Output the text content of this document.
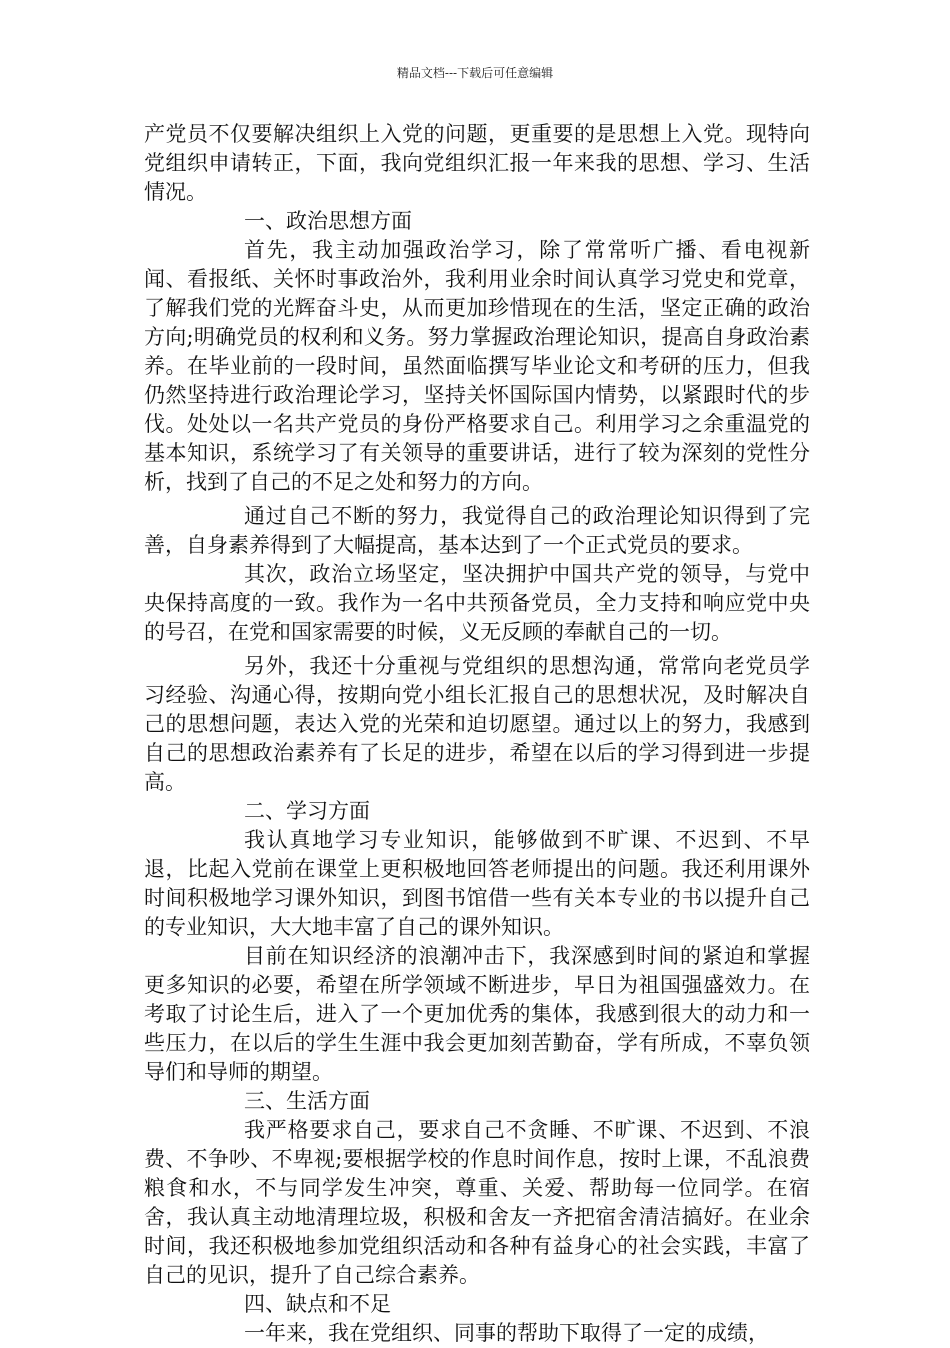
精品文档---下载后可任意编辑

产党员不仅要解决组织上入党的问题，更重要的是思想上入党。现特向党组织申请转正，下面，我向党组织汇报一年来我的思想、学习、生活情况。

一、政治思想方面

首先，我主动加强政治学习，除了常常听广播、看电视新闻、看报纸、关怀时事政治外，我利用业余时间认真学习党史和党章，了解我们党的光辉奋斗史，从而更加珍惜现在的生活，坚定正确的政治方向;明确党员的权利和义务。努力掌握政治理论知识，提高自身政治素养。在毕业前的一段时间，虽然面临撰写毕业论文和考研的压力，但我仍然坚持进行政治理论学习，坚持关怀国际国内情势，以紧跟时代的步伐。处处以一名共产党员的身份严格要求自己。利用学习之余重温党的基本知识，系统学习了有关领导的重要讲话，进行了较为深刻的党性分析，找到了自己的不足之处和努力的方向。

通过自己不断的努力，我觉得自己的政治理论知识得到了完善，自身素养得到了大幅提高，基本达到了一个正式党员的要求。

其次，政治立场坚定，坚决拥护中国共产党的领导，与党中央保持高度的一致。我作为一名中共预备党员，全力支持和响应党中央的号召，在党和国家需要的时候，义无反顾的奉献自己的一切。

另外，我还十分重视与党组织的思想沟通，常常向老党员学习经验、沟通心得，按期向党小组长汇报自己的思想状况，及时解决自己的思想问题，表达入党的光荣和迫切愿望。通过以上的努力，我感到自己的思想政治素养有了长足的进步，希望在以后的学习得到进一步提高。

二、学习方面

我认真地学习专业知识，能够做到不旷课、不迟到、不早退，比起入党前在课堂上更积极地回答老师提出的问题。我还利用课外时间积极地学习课外知识，到图书馆借一些有关本专业的书以提升自己的专业知识，大大地丰富了自己的课外知识。

目前在知识经济的浪潮冲击下，我深感到时间的紧迫和掌握更多知识的必要，希望在所学领域不断进步，早日为祖国强盛效力。在考取了讨论生后，进入了一个更加优秀的集体，我感到很大的动力和一些压力，在以后的学生生涯中我会更加刻苦勤奋，学有所成，不辜负领导们和导师的期望。

三、生活方面

我严格要求自己，要求自己不贪睡、不旷课、不迟到、不浪费、不争吵、不卑视;要根据学校的作息时间作息，按时上课，不乱浪费粮食和水，不与同学发生冲突，尊重、关爱、帮助每一位同学。在宿舍，我认真主动地清理垃圾，积极和舍友一齐把宿舍清洁搞好。在业余时间，我还积极地参加党组织活动和各种有益身心的社会实践，丰富了自己的见识，提升了自己综合素养。

四、缺点和不足

一年来，我在党组织、同事的帮助下取得了一定的成绩，
